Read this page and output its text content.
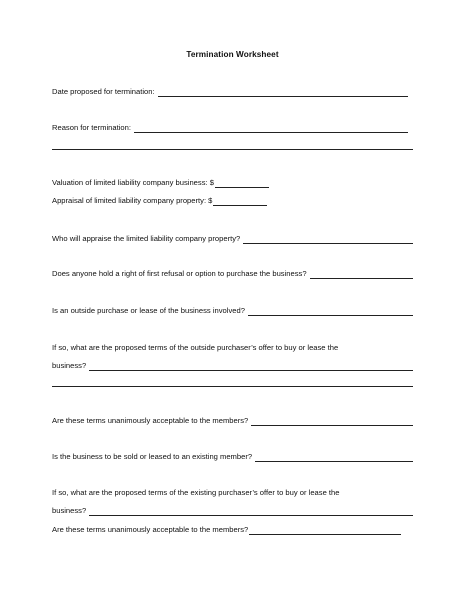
Termination Worksheet
Date proposed for termination:
Reason for termination:
Valuation of limited liability company business: $
Appraisal of limited liability company property: $
Who will appraise the limited liability company property?
Does anyone hold a right of first refusal or option to purchase the business?
Is an outside purchase or lease of the business involved?
If so, what are the proposed terms of the outside purchaser’s offer to buy or lease the
business?
Are these terms unanimously acceptable to the members?
Is the business to be sold or leased to an existing member?
If so, what are the proposed terms of the existing purchaser’s offer to buy or lease the
business?
Are these terms unanimously acceptable to the members?
